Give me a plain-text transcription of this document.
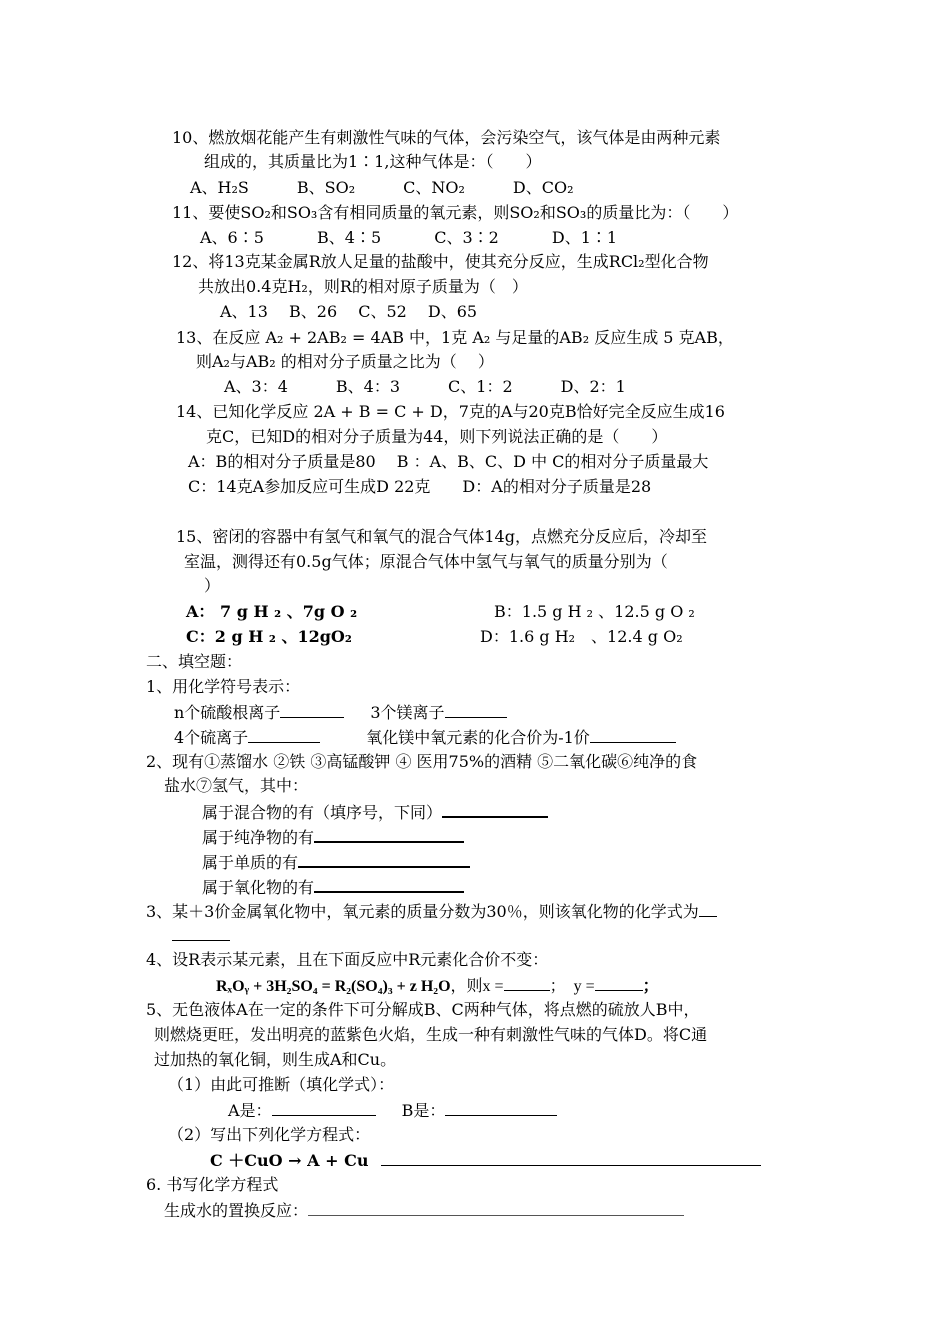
10、燃放烟花能产生有刺激性气味的气体，会污染空气，该气体是由两种元素
组成的，其质量比为1∶1,这种气体是：（　　）
A、H₂S　　　B、SO₂　　　C、NO₂　　　D、CO₂
11、要使SO₂和SO₃含有相同质量的氧元素，则SO₂和SO₃的质量比为：（　　）
A、6∶5　　　 B、4∶5　　　 C、3∶2　　　 D、1∶1
12、将13克某金属R放人足量的盐酸中，使其充分反应，生成RCl₂型化合物
共放出0.4克H₂，则R的相对原子质量为（　）
A、13　 B、26　 C、52　 D、65
13、在反应 A₂ + 2AB₂ = 4AB 中，1克 A₂ 与足量的AB₂ 反应生成 5 克AB，
则A₂与AB₂ 的相对分子质量之比为（　 ）
A、3：4　　　B、4：3　　　C、1：2　　　D、2：1
14、已知化学反应 2A + B = C + D，7克的A与20克B恰好完全反应生成16
克C，已知D的相对分子质量为44，则下列说法正确的是（　　）
A：B的相对分子质量是80　 B ：A、B、C、D 中 C的相对分子质量最大
C：14克A参加反应可生成D 22克　　D：A的相对分子质量是28
15、密闭的容器中有氢气和氧气的混合气体14g，点燃充分反应后，冷却至
室温，测得还有0.5g气体；原混合气体中氢气与氧气的质量分别为（
）
A： 7 g H ₂ 、7g O ₂	B：1.5 g H ₂ 、12.5 g O ₂
C：2 g H ₂ 、12gO₂	D：1.6 g H₂　、12.4 g O₂
二、填空题：
1、用化学符号表示：
n个硫酸根离子	3个镁离子
4个硫离子	氧化镁中氧元素的化合价为-1价
2、现有①蒸馏水 ②铁 ③高锰酸钾 ④ 医用75%的酒精 ⑤二氧化碳⑥纯净的食
盐水⑦氢气，其中：
属于混合物的有（填序号，下同）
属于纯净物的有
属于单质的有
属于氧化物的有
3、某＋3价金属氧化物中，氧元素的质量分数为30％，则该氧化物的化学式为
4、设R表示某元素，且在下面反应中R元素化合价不变：
RₓOᵧ + 3H₂SO₄ = R₂(SO₄)₃ + z H₂O，则x =	；　y =	；
5、无色液体A在一定的条件下可分解成B、C两种气体，将点燃的硫放人B中，
则燃烧更旺，发出明亮的蓝紫色火焰，生成一种有刺激性气味的气体D。将C通
过加热的氧化铜，则生成A和Cu。
（1）由此可推断（填化学式）：
A是：	B是：
（2）写出下列化学方程式：
C ＋CuO → A + Cu
6. 书写化学方程式
生成水的置换反应：
